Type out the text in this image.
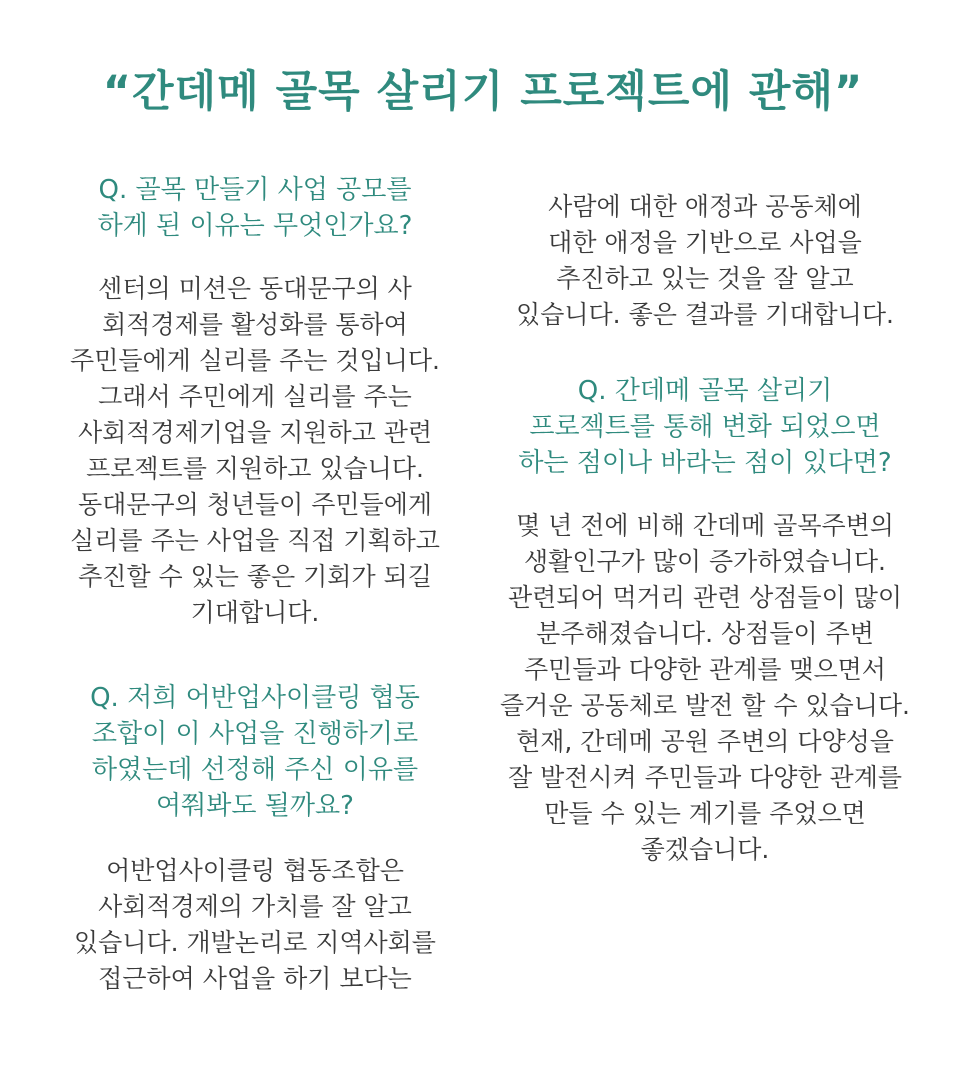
“간데메 골목 살리기 프로젝트에 관해”
Q. 골목 만들기 사업 공모를
하게 된 이유는 무엇인가요?
센터의 미션은 동대문구의 사
회적경제를 활성화를 통하여
주민들에게 실리를 주는 것입니다.
그래서 주민에게 실리를 주는
사회적경제기업을 지원하고 관련
프로젝트를 지원하고 있습니다.
동대문구의 청년들이 주민들에게
실리를 주는 사업을 직접 기획하고
추진할 수 있는 좋은 기회가 되길
기대합니다.
Q. 저희 어반업사이클링 협동
조합이 이 사업을 진행하기로
하였는데 선정해 주신 이유를
여쭤봐도 될까요?
어반업사이클링 협동조합은
사회적경제의 가치를 잘 알고
있습니다. 개발논리로 지역사회를
접근하여 사업을 하기 보다는
사람에 대한 애정과 공동체에
대한 애정을 기반으로 사업을
추진하고 있는 것을 잘 알고
있습니다. 좋은 결과를 기대합니다.
Q. 간데메 골목 살리기
프로젝트를 통해 변화 되었으면
하는 점이나 바라는 점이 있다면?
몇 년 전에 비해 간데메 골목주변의
생활인구가 많이 증가하였습니다.
관련되어 먹거리 관련 상점들이 많이
분주해졌습니다. 상점들이 주변
주민들과 다양한 관계를 맺으면서
즐거운 공동체로 발전 할 수 있습니다.
현재, 간데메 공원 주변의 다양성을
잘 발전시켜 주민들과 다양한 관계를
만들 수 있는 계기를 주었으면
좋겠습니다.
